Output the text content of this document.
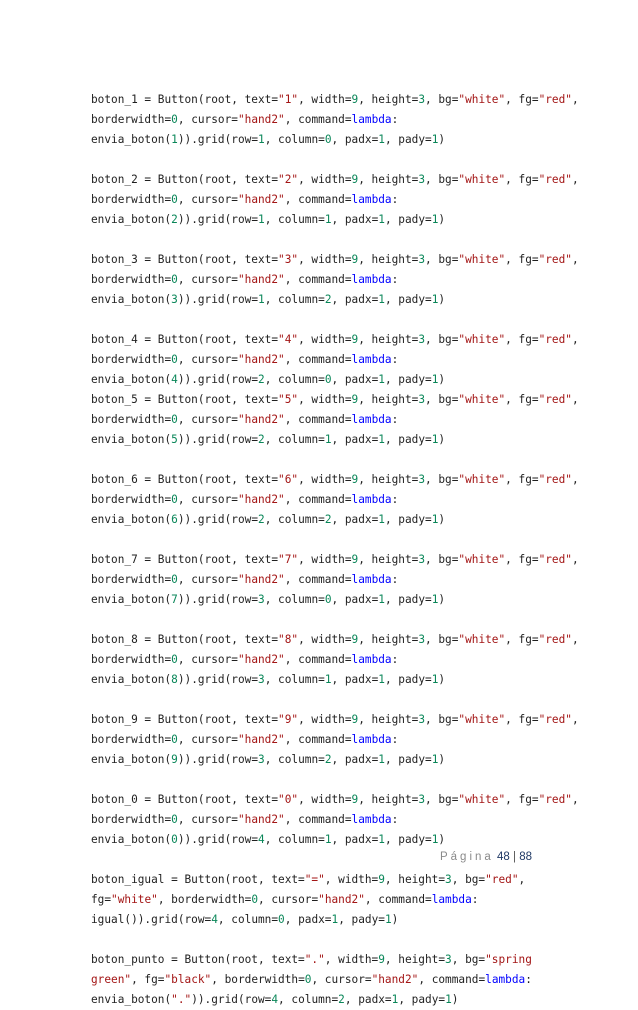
boton_1 = Button(root, text="1", width=9, height=3, bg="white", fg="red",
borderwidth=0, cursor="hand2", command=lambda:
envia_boton(1)).grid(row=1, column=0, padx=1, pady=1)
boton_2 = Button(root, text="2", width=9, height=3, bg="white", fg="red",
borderwidth=0, cursor="hand2", command=lambda:
envia_boton(2)).grid(row=1, column=1, padx=1, pady=1)
boton_3 = Button(root, text="3", width=9, height=3, bg="white", fg="red",
borderwidth=0, cursor="hand2", command=lambda:
envia_boton(3)).grid(row=1, column=2, padx=1, pady=1)
boton_4 = Button(root, text="4", width=9, height=3, bg="white", fg="red",
borderwidth=0, cursor="hand2", command=lambda:
envia_boton(4)).grid(row=2, column=0, padx=1, pady=1)
boton_5 = Button(root, text="5", width=9, height=3, bg="white", fg="red",
borderwidth=0, cursor="hand2", command=lambda:
envia_boton(5)).grid(row=2, column=1, padx=1, pady=1)
boton_6 = Button(root, text="6", width=9, height=3, bg="white", fg="red",
borderwidth=0, cursor="hand2", command=lambda:
envia_boton(6)).grid(row=2, column=2, padx=1, pady=1)
boton_7 = Button(root, text="7", width=9, height=3, bg="white", fg="red",
borderwidth=0, cursor="hand2", command=lambda:
envia_boton(7)).grid(row=3, column=0, padx=1, pady=1)
boton_8 = Button(root, text="8", width=9, height=3, bg="white", fg="red",
borderwidth=0, cursor="hand2", command=lambda:
envia_boton(8)).grid(row=3, column=1, padx=1, pady=1)
boton_9 = Button(root, text="9", width=9, height=3, bg="white", fg="red",
borderwidth=0, cursor="hand2", command=lambda:
envia_boton(9)).grid(row=3, column=2, padx=1, pady=1)
boton_0 = Button(root, text="0", width=9, height=3, bg="white", fg="red",
borderwidth=0, cursor="hand2", command=lambda:
envia_boton(0)).grid(row=4, column=1, padx=1, pady=1)
boton_igual = Button(root, text="=", width=9, height=3, bg="red",
fg="white", borderwidth=0, cursor="hand2", command=lambda:
igual()).grid(row=4, column=0, padx=1, pady=1)
boton_punto = Button(root, text=".", width=9, height=3, bg="spring
green", fg="black", borderwidth=0, cursor="hand2", command=lambda:
envia_boton(".")).grid(row=4, column=2, padx=1, pady=1)
Página 48 | 88
